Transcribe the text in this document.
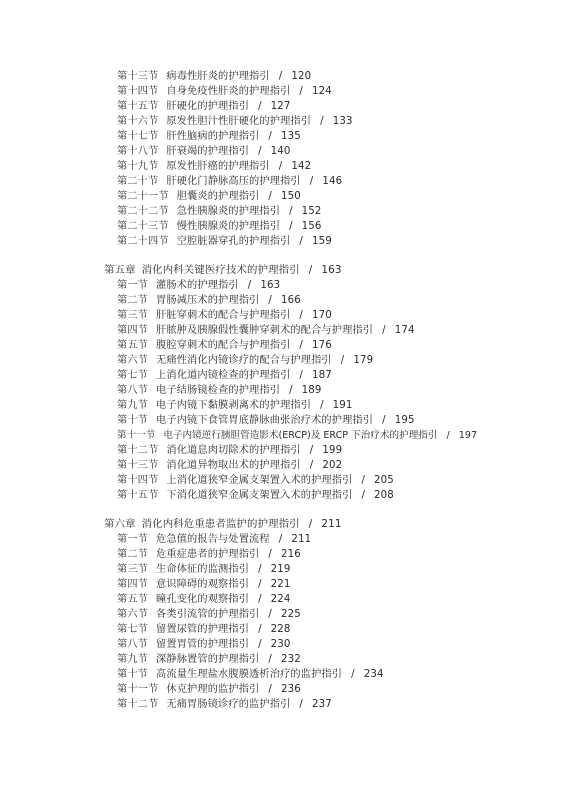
第十三节 病毒性肝炎的护理指引 / 120
第十四节 自身免疫性肝炎的护理指引 / 124
第十五节 肝硬化的护理指引 / 127
第十六节 原发性胆汁性肝硬化的护理指引 / 133
第十七节 肝性脑病的护理指引 / 135
第十八节 肝衰竭的护理指引 / 140
第十九节 原发性肝癌的护理指引 / 142
第二十节 肝硬化门静脉高压的护理指引 / 146
第二十一节 胆囊炎的护理指引 / 150
第二十二节 急性胰腺炎的护理指引 / 152
第二十三节 慢性胰腺炎的护理指引 / 156
第二十四节 空腔脏器穿孔的护理指引 / 159
第五章 消化内科关键医疗技术的护理指引 / 163
第一节 灌肠术的护理指引 / 163
第二节 胃肠减压术的护理指引 / 166
第三节 肝脏穿刺术的配合与护理指引 / 170
第四节 肝脓肿及胰腺假性囊肿穿刺术的配合与护理指引 / 174
第五节 腹腔穿刺术的配合与护理指引 / 176
第六节 无痛性消化内镜诊疗的配合与护理指引 / 179
第七节 上消化道内镜检查的护理指引 / 187
第八节 电子结肠镜检查的护理指引 / 189
第九节 电子内镜下黏膜剥离术的护理指引 / 191
第十节 电子内镜下食管胃底静脉曲张治疗术的护理指引 / 195
第十一节 电子内镜逆行胰胆管造影术(ERCP)及 ERCP 下治疗术的护理指引 / 197
第十二节 消化道息肉切除术的护理指引 / 199
第十三节 消化道异物取出术的护理指引 / 202
第十四节 上消化道狭窄金属支架置入术的护理指引 / 205
第十五节 下消化道狭窄金属支架置入术的护理指引 / 208
第六章 消化内科危重患者监护的护理指引 / 211
第一节 危急值的报告与处置流程 / 211
第二节 危重症患者的护理指引 / 216
第三节 生命体征的监测指引 / 219
第四节 意识障碍的观察指引 / 221
第五节 瞳孔变化的观察指引 / 224
第六节 各类引流管的护理指引 / 225
第七节 留置尿管的护理指引 / 228
第八节 留置胃管的护理指引 / 230
第九节 深静脉置管的护理指引 / 232
第十节 高流量生理盐水腹膜透析治疗的监护指引 / 234
第十一节 休克护理的监护指引 / 236
第十二节 无痛胃肠镜诊疗的监护指引 / 237
